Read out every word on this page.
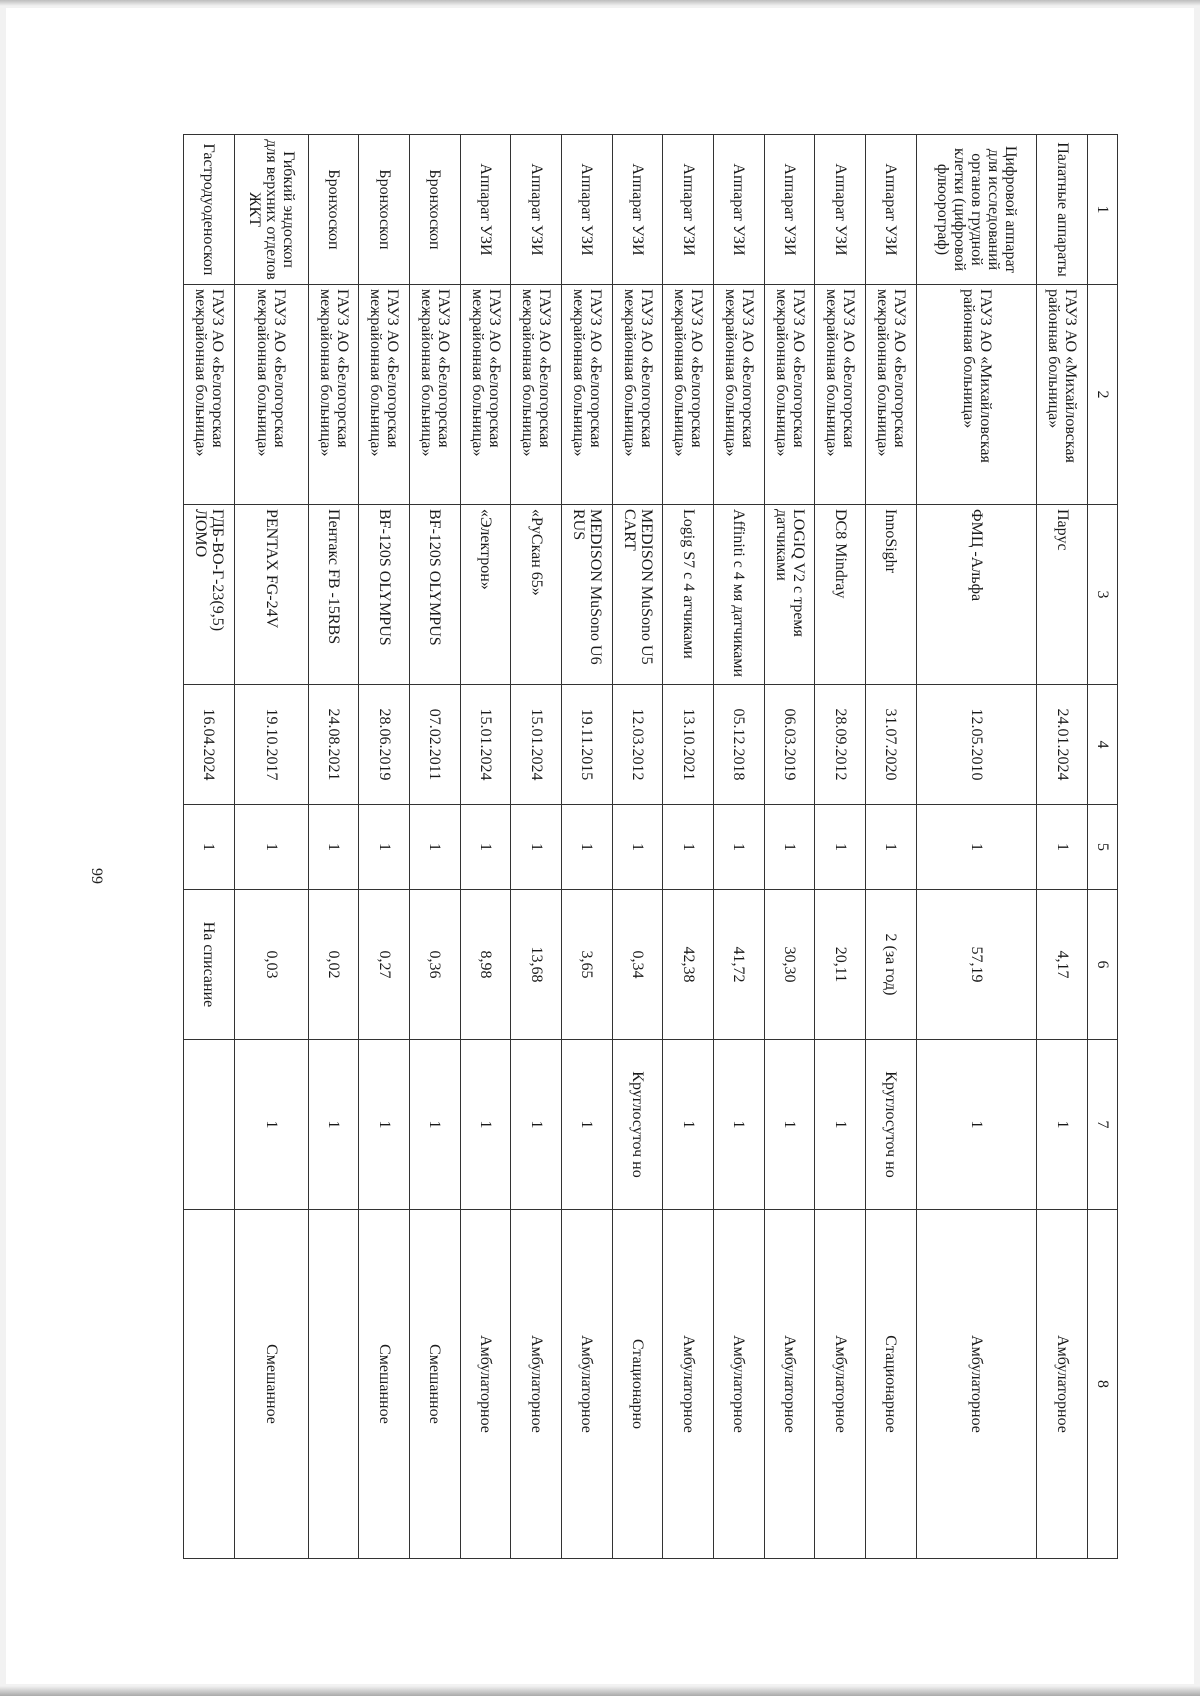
99
1	2	3	4	5	6	7	8
Палатные аппараты	ГАУЗ АО «Михайловская районная больница»	Парус	24.01.2024	1	4,17	1	Амбулаторное
Цифровой аппарат для исследований органов грудной клетки (цифровой флюорограф)	ГАУЗ АО «Михайловская районная больница»	ФМЦ -Альфа	12.05.2010	1	57,19	1	Амбулаторное
Аппарат УЗИ	ГАУЗ АО «Белогорская межрайонная больница»	InnoSighr	31.07.2020	1	2 (за год)	Круглосуточ но	Стационарное
Аппарат УЗИ	ГАУЗ АО «Белогорская межрайонная больница»	DC8 Mindray	28.09.2012	1	20,11	1	Амбулаторное
Аппарат УЗИ	ГАУЗ АО «Белогорская межрайонная больница»	LOGIQ V2 с тремя датчиками	06.03.2019	1	30,30	1	Амбулаторное
Аппарат УЗИ	ГАУЗ АО «Белогорская межрайонная больница»	Affiniti с 4 мя датчиками	05.12.2018	1	41,72	1	Амбулаторное
Аппарат УЗИ	ГАУЗ АО «Белогорская межрайонная больница»	Logig S7 с 4 атчиками	13.10.2021	1	42,38	1	Амбулаторное
Аппарат УЗИ	ГАУЗ АО «Белогорская межрайонная больница»	MEDISON MuSono U5 CART	12.03.2012	1	0,34	Круглосуточ но	Стационарно
Аппарат УЗИ	ГАУЗ АО «Белогорская межрайонная больница»	MEDISON MuSono U6 RUS	19.11.2015	1	3,65	1	Амбулаторное
Аппарат УЗИ	ГАУЗ АО «Белогорская межрайонная больница»	«РуСкан 65»	15.01.2024	1	13,68	1	Амбулаторное
Аппарат УЗИ	ГАУЗ АО «Белогорская межрайонная больница»	«Электрон»	15.01.2024	1	8,98	1	Амбулаторное
Бронхоскоп	ГАУЗ АО «Белогорская межрайонная больница»	BF-120S OLYMPUS	07.02.2011	1	0,36	1	Смешанное
Бронхоскоп	ГАУЗ АО «Белогорская межрайонная больница»	BF-120S OLYMPUS	28.06.2019	1	0,27	1	Смешанное
Бронхоскоп	ГАУЗ АО «Белогорская межрайонная больница»	Пентакс FB -15RBS	24.08.2021	1	0,02	1	
Гибкий эндоскоп для верхних отделов ЖКТ	ГАУЗ АО «Белогорская межрайонная больница»	PENTAX FG-24V	19.10.2017	1	0,03	1	Смешанное
Гастродуоденоскоп	ГАУЗ АО «Белогорская межрайонная больница»	ГДБ-ВО-Г-23(9,5) ЛОМО	16.04.2024	1	На списание		
